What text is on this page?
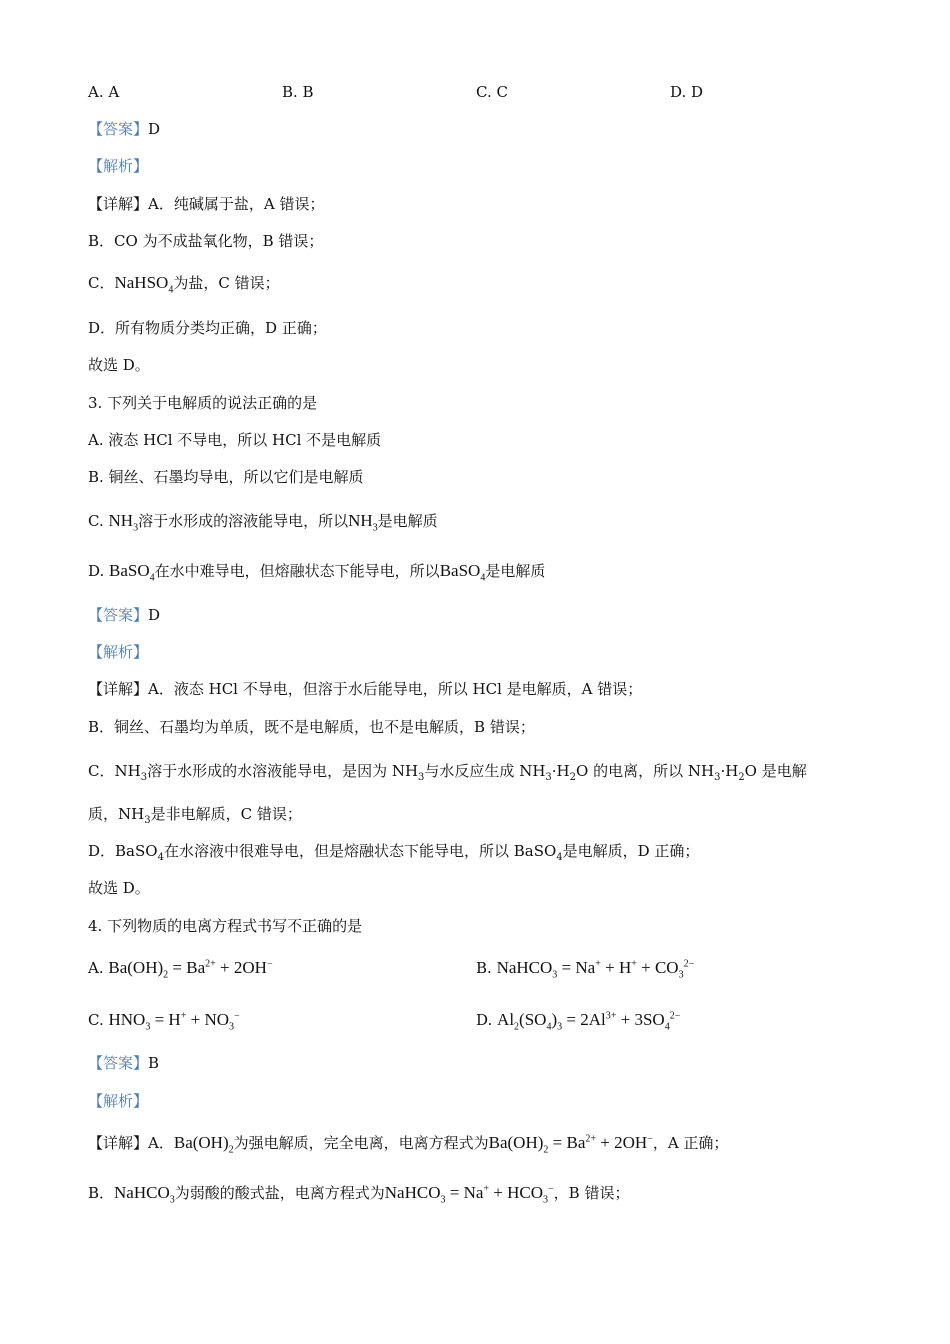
A. A	B. B	C. C	D. D
【答案】D
【解析】
【详解】A．纯碱属于盐，A 错误；
B．CO 为不成盐氧化物，B 错误；
C．NaHSO$_4$为盐，C 错误；
D．所有物质分类均正确，D 正确；
故选 D。
3. 下列关于电解质的说法正确的是
A. 液态 HCl 不导电，所以 HCl 不是电解质
B. 铜丝、石墨均导电，所以它们是电解质
C. $NH_3$溶于水形成的溶液能导电，所以$NH_3$是电解质
D. BaSO$_4$在水中难导电，但熔融状态下能导电，所以BaSO$_4$是电解质
【答案】D
【解析】
【详解】A．液态 HCl 不导电，但溶于水后能导电，所以 HCl 是电解质，A 错误；
B．铜丝、石墨均为单质，既不是电解质，也不是电解质，B 错误；
C．$NH_3$溶于水形成的水溶液能导电，是因为 $NH_3$与水反应生成 $NH_3\cdot H_2O$ 的电离，所以 $NH_3\cdot H_2O$ 是电解
质，$NH_3$是非电解质，C 错误；
D．BaSO$_4$在水溶液中很难导电，但是熔融状态下能导电，所以 BaSO$_4$是电解质，D 正确；
故选 D。
4. 下列物质的电离方程式书写不正确的是
A. $Ba(OH)_2 = Ba^{2+} + 2OH^-$	B. NaHCO$_3$ = $Na^+ + H^+ + CO_3^{2-}$
C. $HNO_3 = H^+ + NO_3^-$	D. $Al_2(SO_4)_3 = 2Al^{3+} + 3SO_4^{2-}$
【答案】B
【解析】
【详解】A．$Ba(OH)_2$为强电解质，完全电离，电离方程式为$Ba(OH)_2 = Ba^{2+} + 2OH^-$，A 正确；
B．NaHCO$_3$为弱酸的酸式盐，电离方程式为NaHCO$_3$ = $Na^+ + HCO_3^-$，B 错误；
